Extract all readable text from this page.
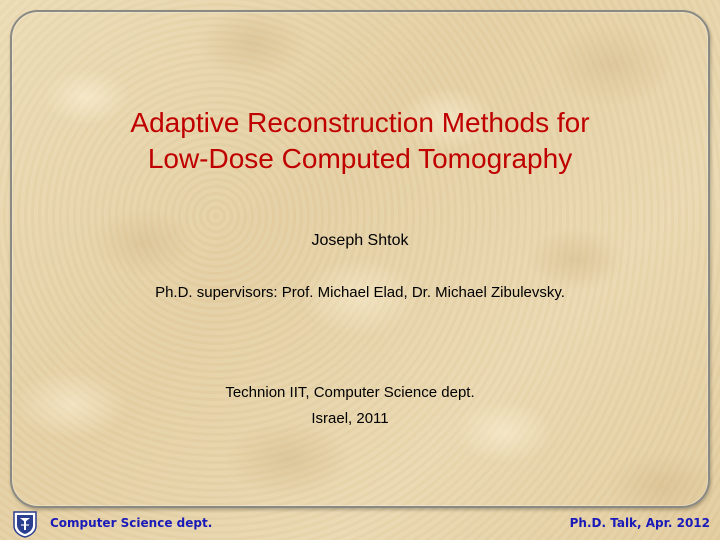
Adaptive Reconstruction Methods for
Low-Dose Computed Tomography

Joseph Shtok

Ph.D. supervisors: Prof. Michael Elad, Dr. Michael Zibulevsky.

Technion IIT, Computer Science dept.

Israel, 2011

Computer Science dept.	Ph.D. Talk, Apr. 2012
